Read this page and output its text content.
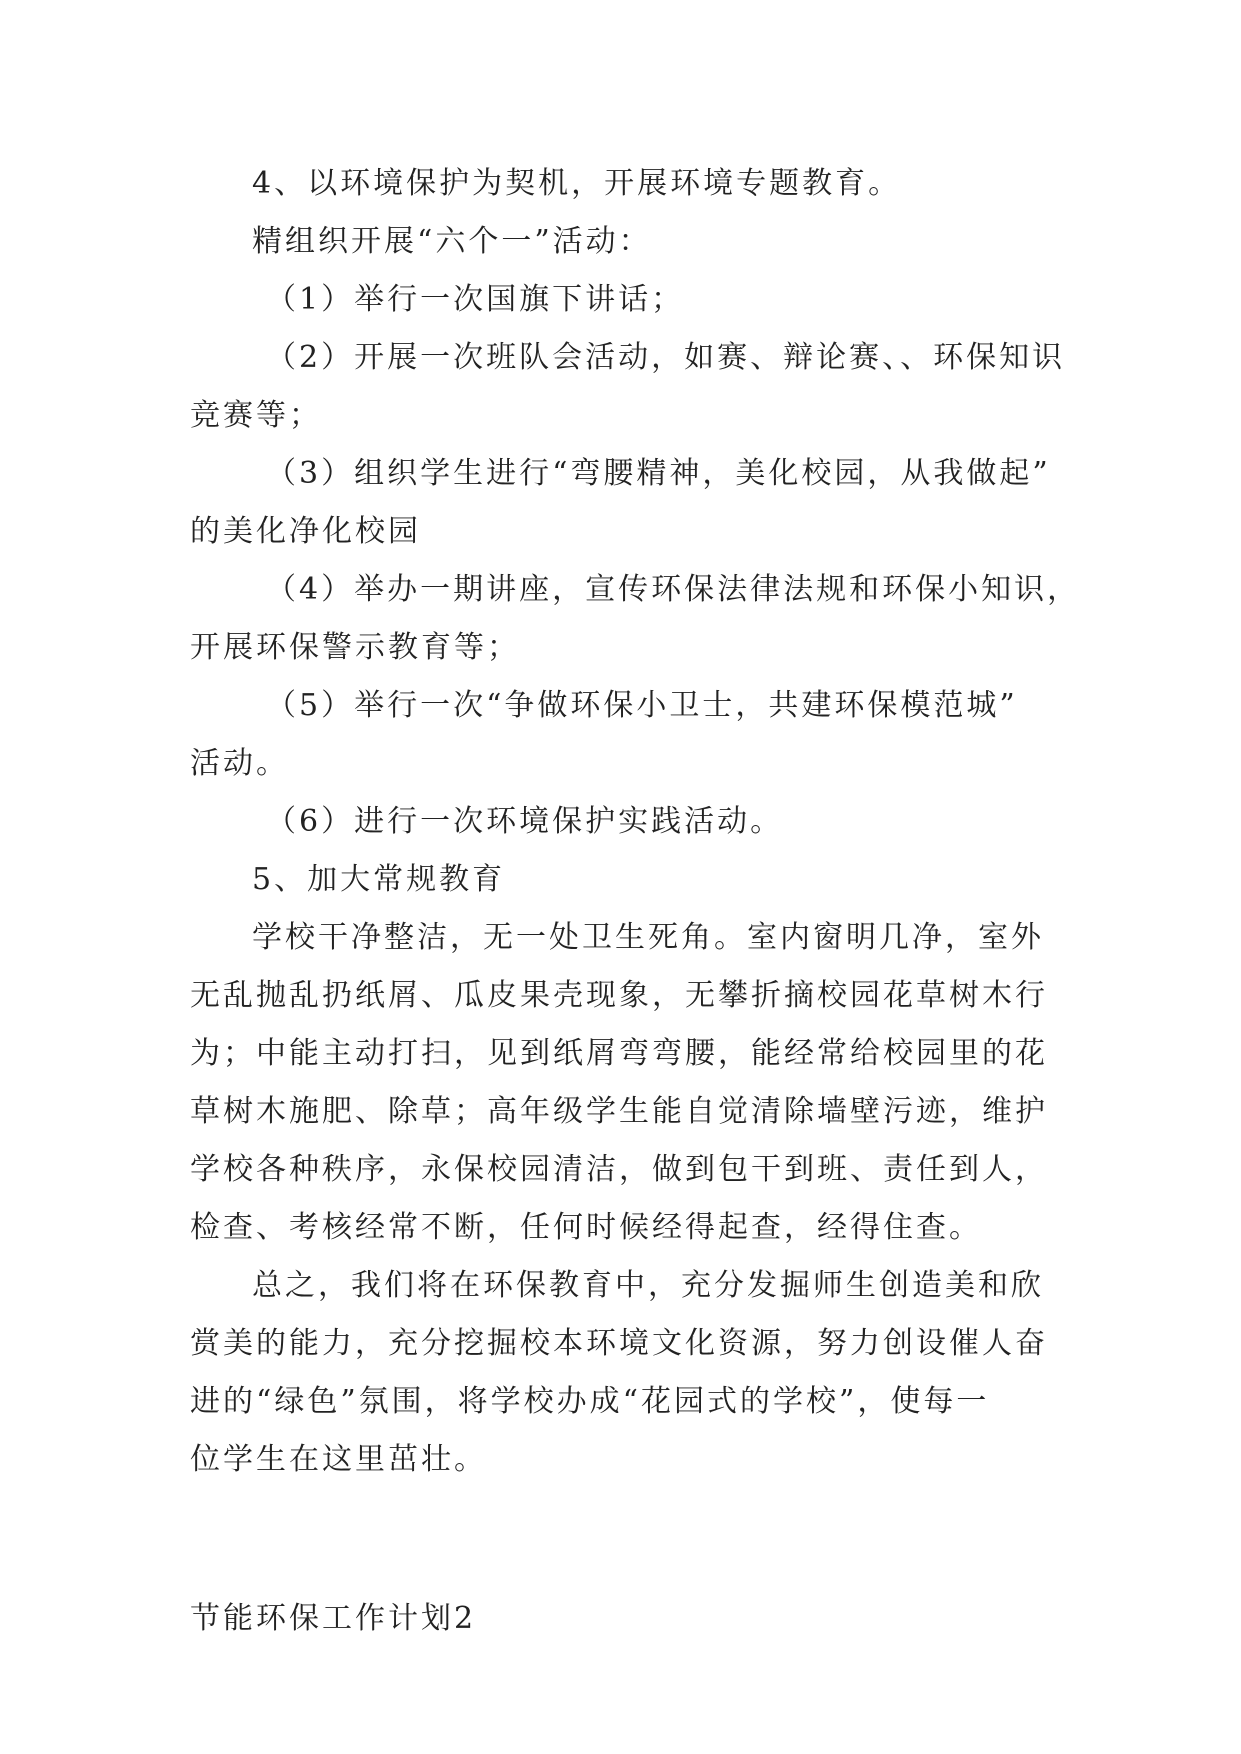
4、以环境保护为契机，开展环境专题教育。
精组织开展“六个一”活动：
（1）举行一次国旗下讲话；
（2）开展一次班队会活动，如赛、辩论赛、、环保知识
竞赛等；
（3）组织学生进行“弯腰精神，美化校园，从我做起”
的美化净化校园
（4）举办一期讲座，宣传环保法律法规和环保小知识，
开展环保警示教育等；
（5）举行一次“争做环保小卫士，共建环保模范城”
活动。
（6）进行一次环境保护实践活动。
5、加大常规教育
学校干净整洁，无一处卫生死角。室内窗明几净，室外
无乱抛乱扔纸屑、瓜皮果壳现象，无攀折摘校园花草树木行
为；中能主动打扫，见到纸屑弯弯腰，能经常给校园里的花
草树木施肥、除草；高年级学生能自觉清除墙壁污迹，维护
学校各种秩序，永保校园清洁，做到包干到班、责任到人，
检查、考核经常不断，任何时候经得起查，经得住查。
总之，我们将在环保教育中，充分发掘师生创造美和欣
赏美的能力，充分挖掘校本环境文化资源，努力创设催人奋
进的“绿色”氛围，将学校办成“花园式的学校”，使每一
位学生在这里茁壮。
节能环保工作计划2
